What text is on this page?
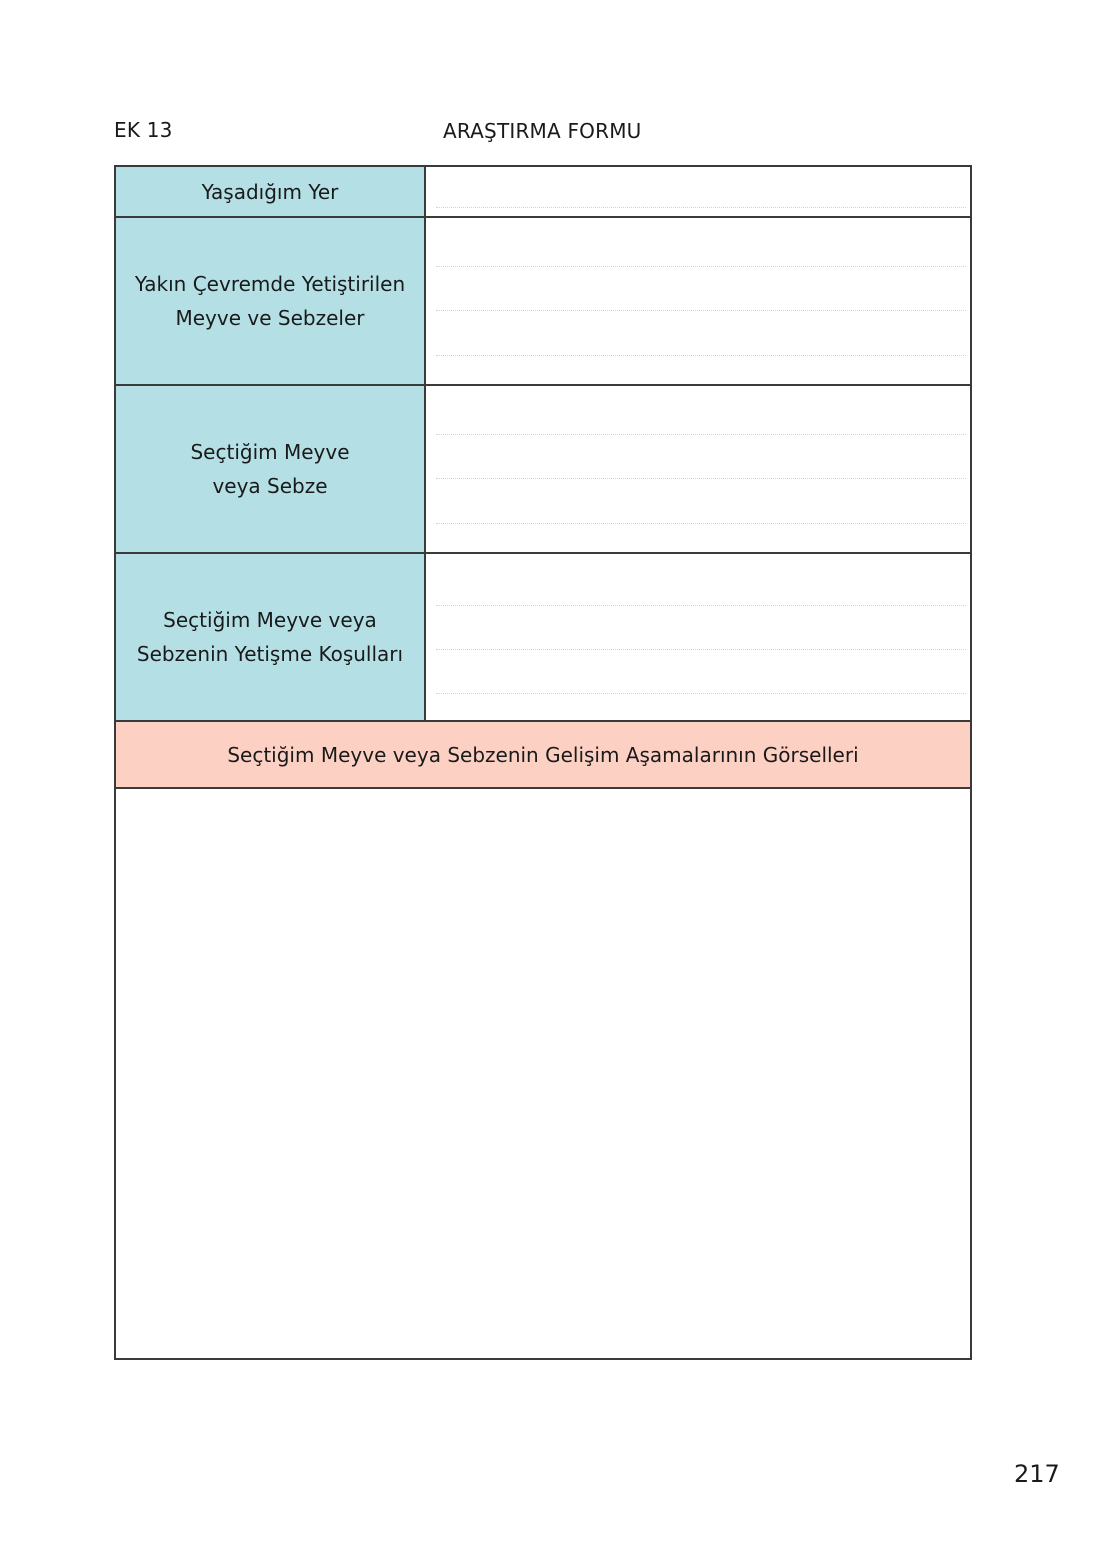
EK 13	ARAŞTIRMA FORMU
Yaşadığım Yer
Yakın Çevremde Yetiştirilen
Meyve ve Sebzeler
Seçtiğim Meyve
veya Sebze
Seçtiğim Meyve veya
Sebzenin Yetişme Koşulları
Seçtiğim Meyve veya Sebzenin Gelişim Aşamalarının Görselleri
217
